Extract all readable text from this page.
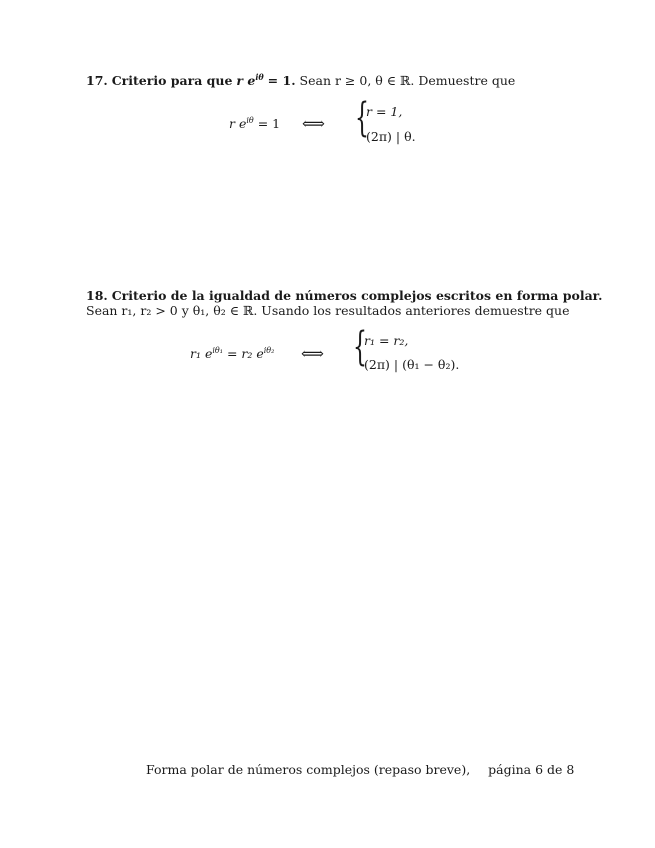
17. Criterio para que r $e^{i\theta} = 1$. Sean r ≥ 0, θ ∈ ℝ. Demuestre que
r $e^{i\theta} = 1$ ⟺ {
r = 1,
(2π) | θ.
18. Criterio de la igualdad de números complejos escritos en forma polar.
Sean r₁, r₂ > 0 y θ₁, θ₂ ∈ ℝ. Usando los resultados anteriores demuestre que
r₁ $e^{i\theta_1} = r_2$ $e^{i\theta_2}$ ⟺ {
r₁ = r₂,
(2π) | (θ₁ − θ₂).
Forma polar de números complejos (repaso breve), página 6 de 8
